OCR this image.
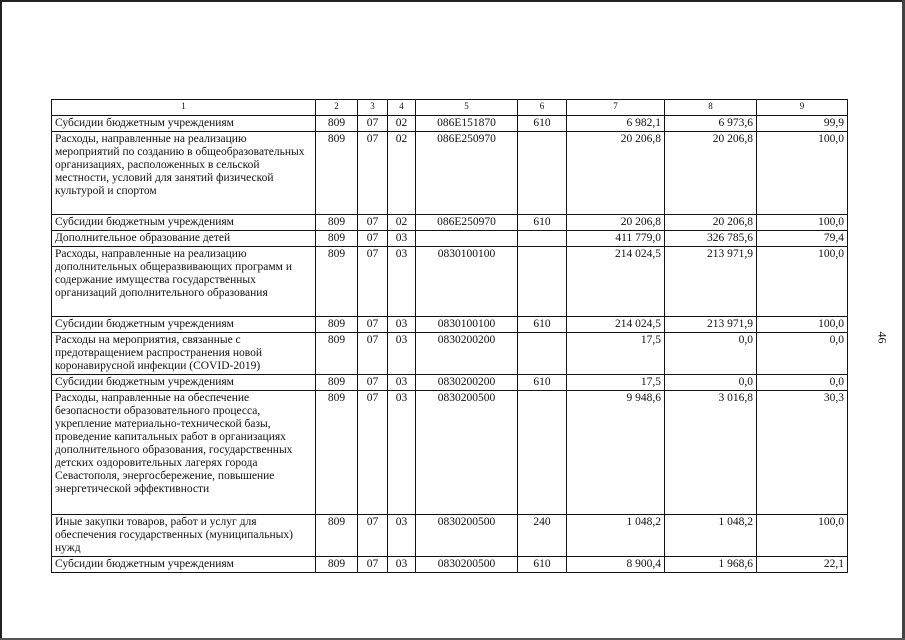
46
1	2	3	4	5	6	7	8	9
Субсидии бюджетным учреждениям	809	07	02	086E151870	610	6 982,1	6 973,6	99,9
Расходы, направленные на реализацию мероприятий по созданию в общеобразовательных организациях, расположенных в сельской местности, условий для занятий физической культурой и спортом	809	07	02	086E250970		20 206,8	20 206,8	100,0
Субсидии бюджетным учреждениям	809	07	02	086E250970	610	20 206,8	20 206,8	100,0
Дополнительное образование детей	809	07	03			411 779,0	326 785,6	79,4
Расходы, направленные на реализацию дополнительных общеразвивающих программ и содержание имущества государственных организаций дополнительного образования	809	07	03	0830100100		214 024,5	213 971,9	100,0
Субсидии бюджетным учреждениям	809	07	03	0830100100	610	214 024,5	213 971,9	100,0
Расходы на мероприятия, связанные с предотвращением распространения новой коронавирусной инфекции (COVID-2019)	809	07	03	0830200200		17,5	0,0	0,0
Субсидии бюджетным учреждениям	809	07	03	0830200200	610	17,5	0,0	0,0
Расходы, направленные на обеспечение безопасности образовательного процесса, укрепление материально-технической базы, проведение капитальных работ в организациях дополнительного образования, государственных детских оздоровительных лагерях города Севастополя, энергосбережение, повышение энергетической эффективности	809	07	03	0830200500		9 948,6	3 016,8	30,3
Иные закупки товаров, работ и услуг для обеспечения государственных (муниципальных) нужд	809	07	03	0830200500	240	1 048,2	1 048,2	100,0
Субсидии бюджетным учреждениям	809	07	03	0830200500	610	8 900,4	1 968,6	22,1
